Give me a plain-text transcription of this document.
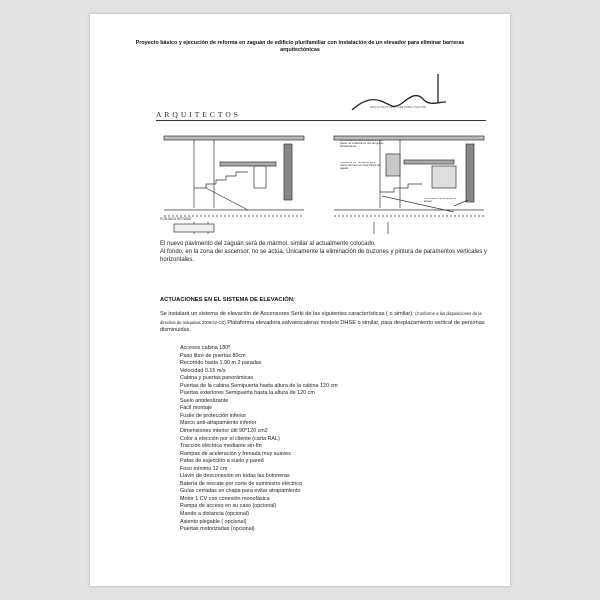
Proyecto básico y ejecución de reforma en zaguán de edificio plurifamiliar con instalación de un elevador para eliminar barreras
arquitectónicas
ARQUITECTURA Y REHABILITACIÓN
ARQUITECTOS
FORJADO SÓTANO
Desmontaje de vidrio existente en la 1ª planta. Se sustituirá por otro de iguales características
Tabique de 1/2" de ladrillo, para relleno de hueco en zona inferior del zaguán
Continuación de la rampa de acceso
El nuevo pavimento del zaguán será de mármol, similar al actualmente colocado.
Al fondo, en la zona del ascensor, no se actúa. Únicamente la eliminación de buzones y pintura de paramentos verticales y horizontales.
ACTUACIONES EN EL SISTEMA DE ELEVACIÓN:
Se instalará un sistema de elevación de Ascensores Serki de las siguientes características ( o similar): (Conforme a las disposiciones de la directiva de máquinas 2006/42-CE) Plataforma elevadora salvaescaleras modelo DHSE o similar, para desplazamiento vertical de personas disminuidas.
Accesos cabina 180º
Paso libre de puertas 80cm
Recorrido hasta 1.90 m 2 paradas
Velocidad 0.15 m/s
Cabina y puertas panorámicas
Puertas de la cabina Semipuerta hasta altura de la cabina 120 cm
Puertas exteriores Semipuerta hasta la altura de 120 cm
Suelo antideslizante
Fácil montaje
Fusile de protección inferior
Marco anti-atrapamiento inferior
Dimensiones interior útil 90*120 cm2
Color a elección por el cliente (carta RAL)
Tracción eléctrica mediante sin-fin
Rampas de aceleración y frenada muy suaves
Patas de sujección a suelo y pared
Foso mínimo 12 cm
Llavín de desconexión en todas las botoneras
Batería de rescate por corte de suministro eléctrico
Guías cerradas en chapa para evitar atrapamiento
Motor 1 CV con conexión monofásica
Rampa de acceso en su caso (opcional)
Mando a distancia (opcional)
Asiento plegable ( opcional)
Puertas motorizadas (opcional)
